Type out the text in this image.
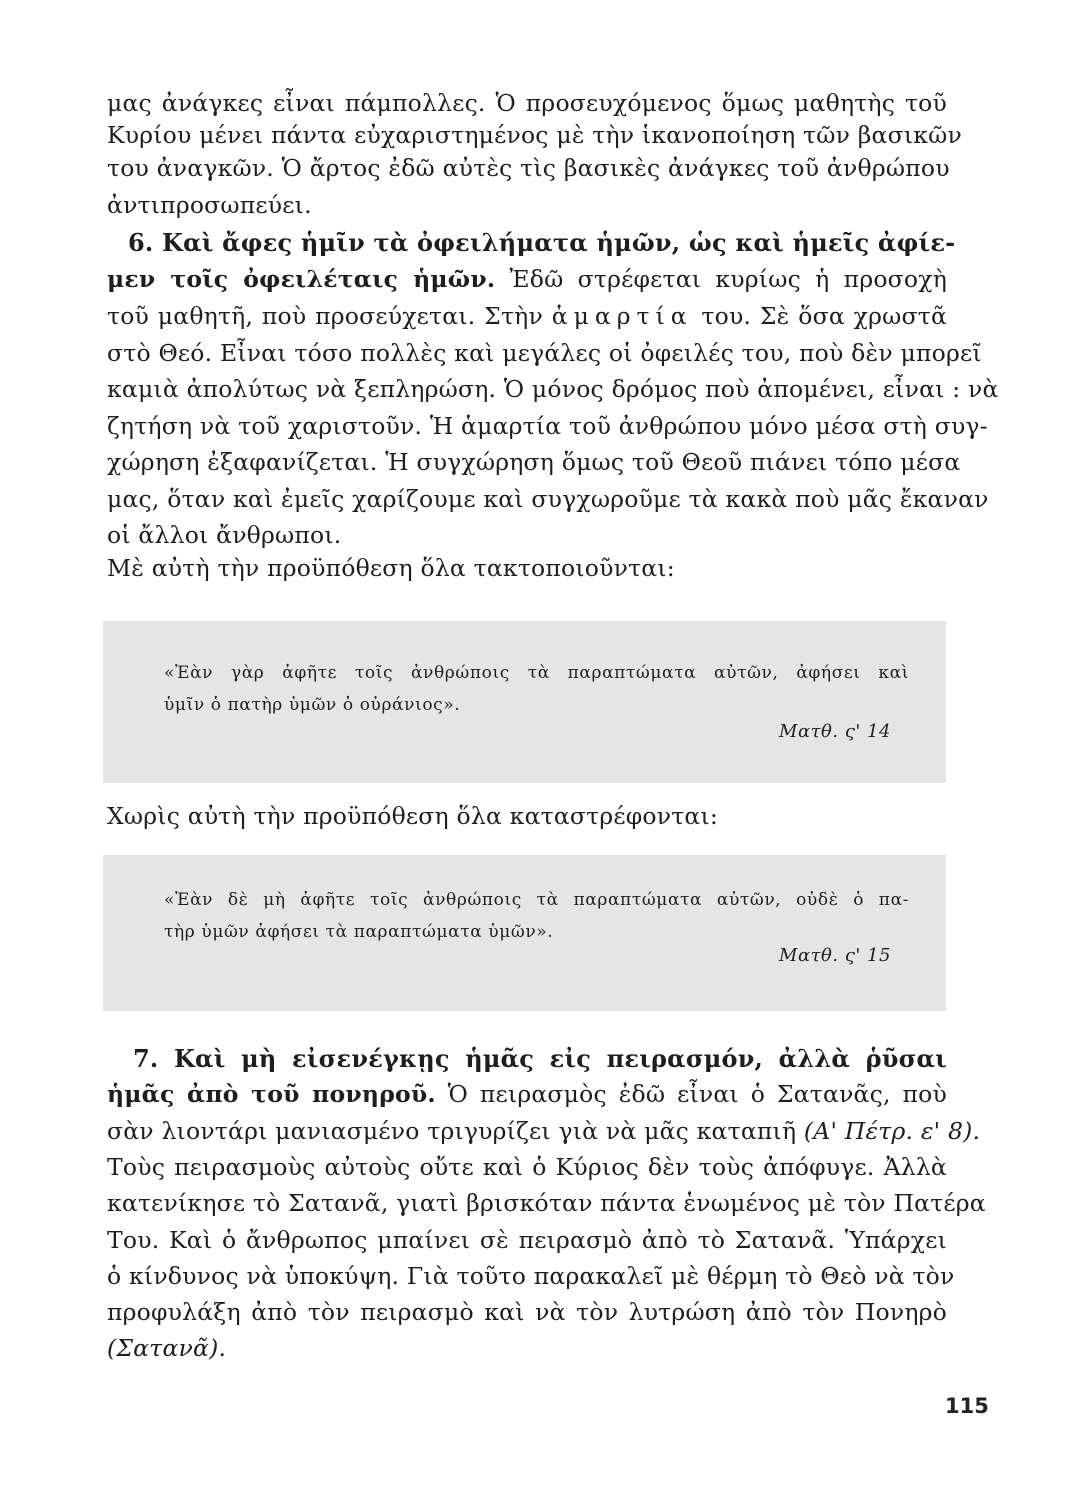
μας ἀνάγκες εἶναι πάμπολλες. Ὁ προσευχόμενος ὅμως μαθητὴς τοῦ
Κυρίου μένει πάντα εὐχαριστημένος μὲ τὴν ἱκανοποίηση τῶν βασικῶν
του ἀναγκῶν. Ὁ ἄρτος ἐδῶ αὐτὲς τὶς βασικὲς ἀνάγκες τοῦ ἀνθρώπου
ἀντιπροσωπεύει.
6. Καὶ ἄφες ἡμῖν τὰ ὀφειλήματα ἡμῶν, ὡς καὶ ἡμεῖς ἀφίε-
μεν τοῖς ὀφειλέταις ἡμῶν. Ἐδῶ στρέφεται κυρίως ἡ προσοχὴ
τοῦ μαθητῆ, ποὺ προσεύχεται. Στὴν ἁμαρτία του. Σὲ ὅσα χρωστᾶ
στὸ Θεό. Εἶναι τόσο πολλὲς καὶ μεγάλες οἱ ὀφειλές του, ποὺ δὲν μπορεῖ
καμιὰ ἀπολύτως νὰ ξεπληρώση. Ὁ μόνος δρόμος ποὺ ἀπομένει, εἶναι : νὰ
ζητήση νὰ τοῦ χαριστοῦν. Ἡ ἁμαρτία τοῦ ἀνθρώπου μόνο μέσα στὴ συγ-
χώρηση ἐξαφανίζεται. Ἡ συγχώρηση ὅμως τοῦ Θεοῦ πιάνει τόπο μέσα
μας, ὅταν καὶ ἐμεῖς χαρίζουμε καὶ συγχωροῦμε τὰ κακὰ ποὺ μᾶς ἔκαναν
οἱ ἄλλοι ἄνθρωποι.
Μὲ αὐτὴ τὴν προϋπόθεση ὅλα τακτοποιοῦνται:
«Ἐὰν γὰρ ἀφῆτε τοῖς ἀνθρώποις τὰ παραπτώματα αὐτῶν, ἀφήσει καὶ
ὑμῖν ὁ πατὴρ ὑμῶν ὁ οὐράνιος».
Ματθ. ς' 14
Χωρὶς αὐτὴ τὴν προϋπόθεση ὅλα καταστρέφονται:
«Ἐὰν δὲ μὴ ἀφῆτε τοῖς ἀνθρώποις τὰ παραπτώματα αὐτῶν, οὐδὲ ὁ πα-
τὴρ ὑμῶν ἀφήσει τὰ παραπτώματα ὑμῶν».
Ματθ. ς' 15
7. Καὶ μὴ εἰσενέγκῃς ἡμᾶς εἰς πειρασμόν, ἀλλὰ ῥῦσαι
ἡμᾶς ἀπὸ τοῦ πονηροῦ. Ὁ πειρασμὸς ἐδῶ εἶναι ὁ Σατανᾶς, ποὺ
σὰν λιοντάρι μανιασμένο τριγυρίζει γιὰ νὰ μᾶς καταπιῆ (Α' Πέτρ. ε' 8).
Τοὺς πειρασμοὺς αὐτοὺς οὔτε καὶ ὁ Κύριος δὲν τοὺς ἀπόφυγε. Ἀλλὰ
κατενίκησε τὸ Σατανᾶ, γιατὶ βρισκόταν πάντα ἑνωμένος μὲ τὸν Πατέρα
Του. Καὶ ὁ ἄνθρωπος μπαίνει σὲ πειρασμὸ ἀπὸ τὸ Σατανᾶ. Ὑπάρχει
ὁ κίνδυνος νὰ ὑποκύψη. Γιὰ τοῦτο παρακαλεῖ μὲ θέρμη τὸ Θεὸ νὰ τὸν
προφυλάξη ἀπὸ τὸν πειρασμὸ καὶ νὰ τὸν λυτρώση ἀπὸ τὸν Πονηρὸ
(Σατανᾶ).
115
